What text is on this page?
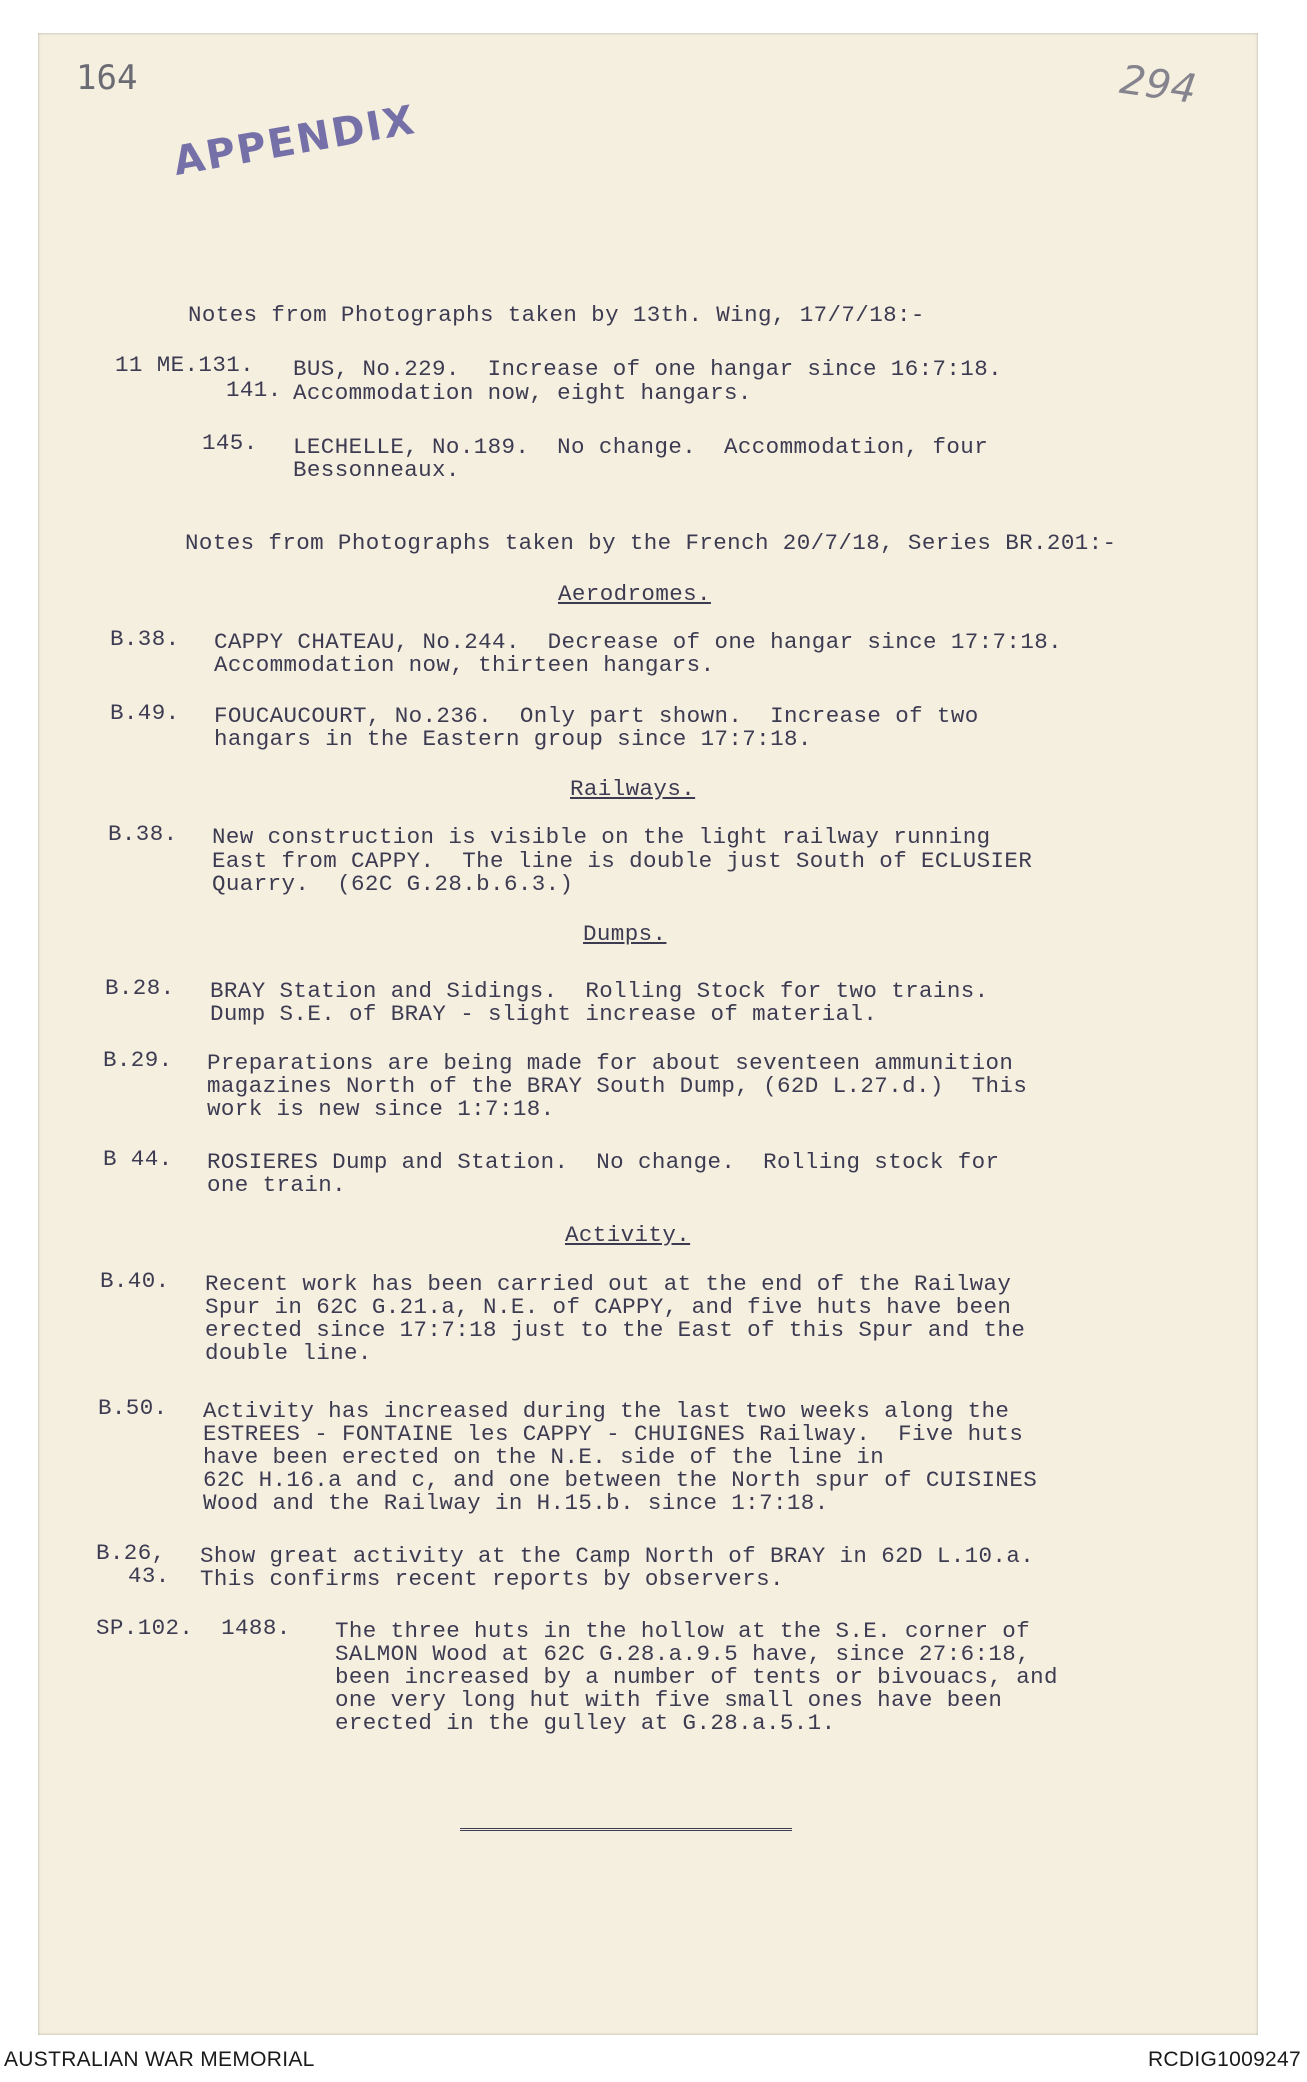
164	294
APPENDIX
Notes from Photographs taken by 13th. Wing, 17/7/18:-
11 ME.131. BUS, No.229.  Increase of one hangar since 16:7:18.
141. Accommodation now, eight hangars.
145. LECHELLE, No.189.  No change.  Accommodation, four
Bessonneaux.
Notes from Photographs taken by the French 20/7/18, Series BR.201:-
Aerodromes.
B.38. CAPPY CHATEAU, No.244.  Decrease of one hangar since 17:7:18.
Accommodation now, thirteen hangars.
B.49. FOUCAUCOURT, No.236.  Only part shown.  Increase of two
hangars in the Eastern group since 17:7:18.
Railways.
B.38. New construction is visible on the light railway running
East from CAPPY.  The line is double just South of ECLUSIER
Quarry.  (62C G.28.b.6.3.)
Dumps.
B.28. BRAY Station and Sidings.  Rolling Stock for two trains.
Dump S.E. of BRAY - slight increase of material.
B.29. Preparations are being made for about seventeen ammunition
magazines North of the BRAY South Dump, (62D L.27.d.)  This
work is new since 1:7:18.
B 44. ROSIERES Dump and Station.  No change.  Rolling stock for
one train.
Activity.
B.40. Recent work has been carried out at the end of the Railway
Spur in 62C G.21.a, N.E. of CAPPY, and five huts have been
erected since 17:7:18 just to the East of this Spur and the
double line.
B.50. Activity has increased during the last two weeks along the
ESTREES - FONTAINE les CAPPY - CHUIGNES Railway.  Five huts
have been erected on the N.E. side of the line in
62C H.16.a and c, and one between the North spur of CUISINES
Wood and the Railway in H.15.b. since 1:7:18.
B.26,
43.
Show great activity at the Camp North of BRAY in 62D L.10.a.
This confirms recent reports by observers.
SP.102.  1488. The three huts in the hollow at the S.E. corner of
SALMON Wood at 62C G.28.a.9.5 have, since 27:6:18,
been increased by a number of tents or bivouacs, and
one very long hut with five small ones have been
erected in the gulley at G.28.a.5.1.
AUSTRALIAN WAR MEMORIAL	RCDIG1009247
